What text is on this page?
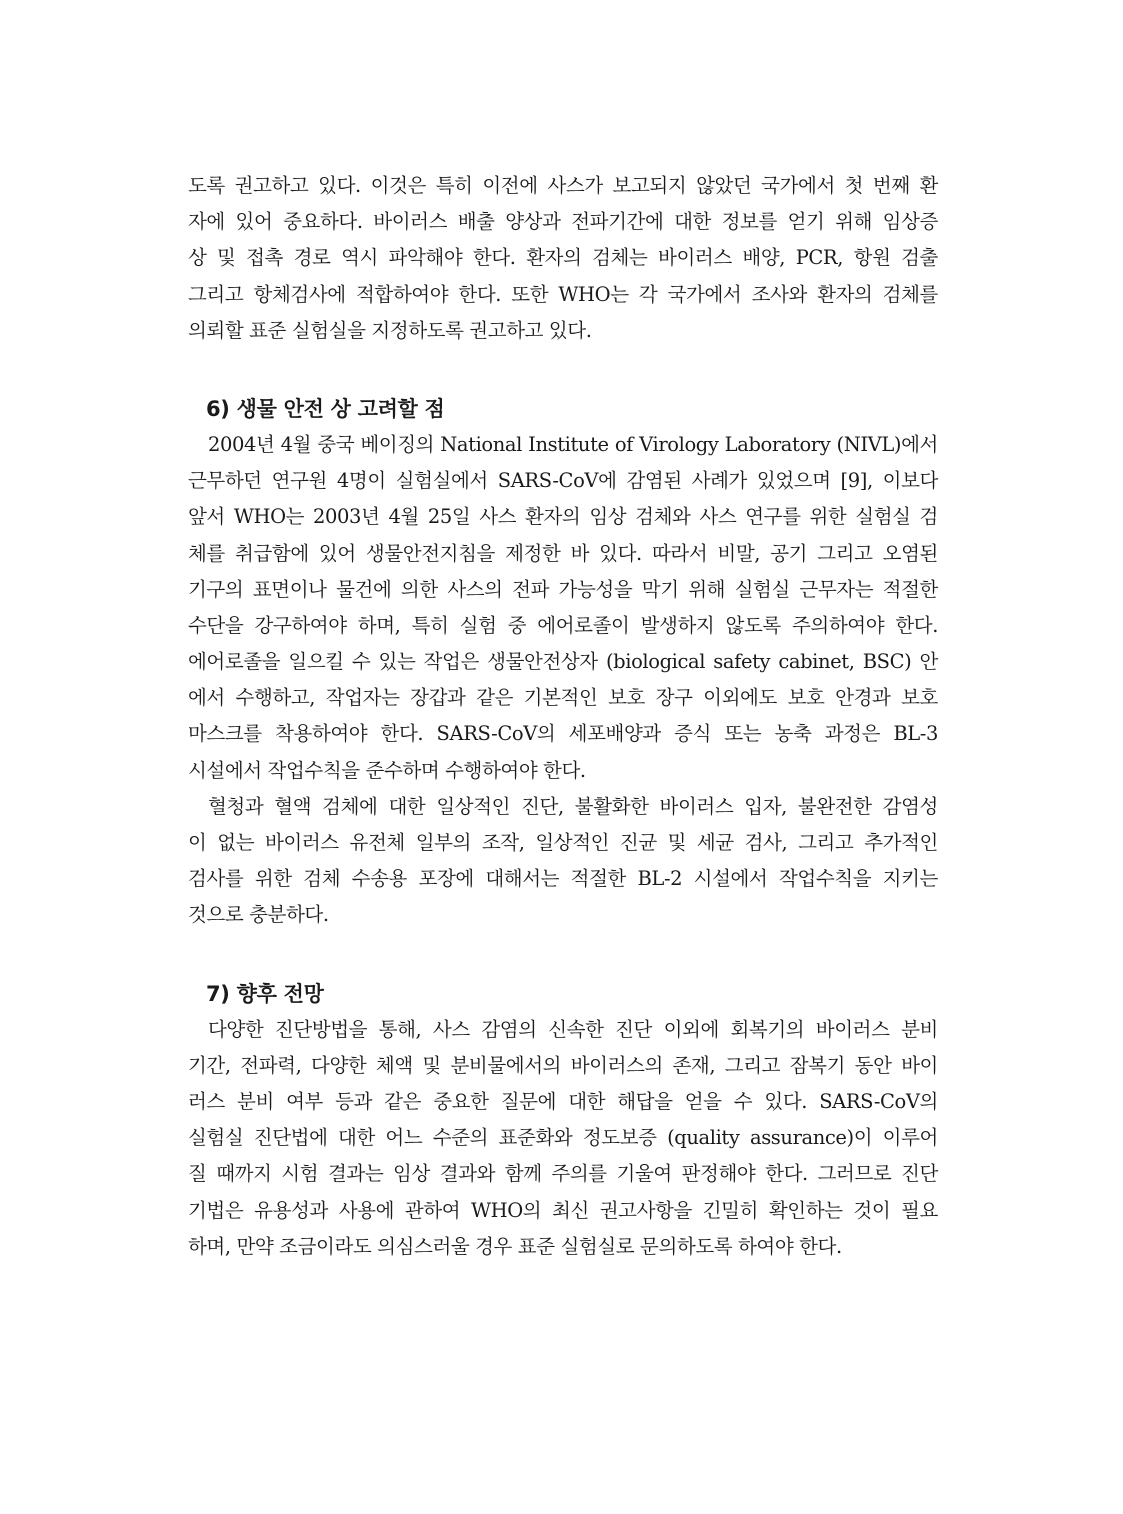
도록 권고하고 있다. 이것은 특히 이전에 사스가 보고되지 않았던 국가에서 첫 번째 환
자에 있어 중요하다. 바이러스 배출 양상과 전파기간에 대한 정보를 얻기 위해 임상증
상 및 접촉 경로 역시 파악해야 한다. 환자의 검체는 바이러스 배양, PCR, 항원 검출
그리고 항체검사에 적합하여야 한다. 또한 WHO는 각 국가에서 조사와 환자의 검체를
의뢰할 표준 실험실을 지정하도록 권고하고 있다.
6) 생물 안전 상 고려할 점
2004년 4월 중국 베이징의 National Institute of Virology Laboratory (NIVL)에서
근무하던 연구원 4명이 실험실에서 SARS-CoV에 감염된 사례가 있었으며 [9], 이보다
앞서 WHO는 2003년 4월 25일 사스 환자의 임상 검체와 사스 연구를 위한 실험실 검
체를 취급함에 있어 생물안전지침을 제정한 바 있다. 따라서 비말, 공기 그리고 오염된
기구의 표면이나 물건에 의한 사스의 전파 가능성을 막기 위해 실험실 근무자는 적절한
수단을 강구하여야 하며, 특히 실험 중 에어로졸이 발생하지 않도록 주의하여야 한다.
에어로졸을 일으킬 수 있는 작업은 생물안전상자 (biological safety cabinet, BSC) 안
에서 수행하고, 작업자는 장갑과 같은 기본적인 보호 장구 이외에도 보호 안경과 보호
마스크를 착용하여야 한다. SARS-CoV의 세포배양과 증식 또는 농축 과정은 BL-3
시설에서 작업수칙을 준수하며 수행하여야 한다.
혈청과 혈액 검체에 대한 일상적인 진단, 불활화한 바이러스 입자, 불완전한 감염성
이 없는 바이러스 유전체 일부의 조작, 일상적인 진균 및 세균 검사, 그리고 추가적인
검사를 위한 검체 수송용 포장에 대해서는 적절한 BL-2 시설에서 작업수칙을 지키는
것으로 충분하다.
7) 향후 전망
다양한 진단방법을 통해, 사스 감염의 신속한 진단 이외에 회복기의 바이러스 분비
기간, 전파력, 다양한 체액 및 분비물에서의 바이러스의 존재, 그리고 잠복기 동안 바이
러스 분비 여부 등과 같은 중요한 질문에 대한 해답을 얻을 수 있다. SARS-CoV의
실험실 진단법에 대한 어느 수준의 표준화와 정도보증 (quality assurance)이 이루어
질 때까지 시험 결과는 임상 결과와 함께 주의를 기울여 판정해야 한다. 그러므로 진단
기법은 유용성과 사용에 관하여 WHO의 최신 권고사항을 긴밀히 확인하는 것이 필요
하며, 만약 조금이라도 의심스러울 경우 표준 실험실로 문의하도록 하여야 한다.
